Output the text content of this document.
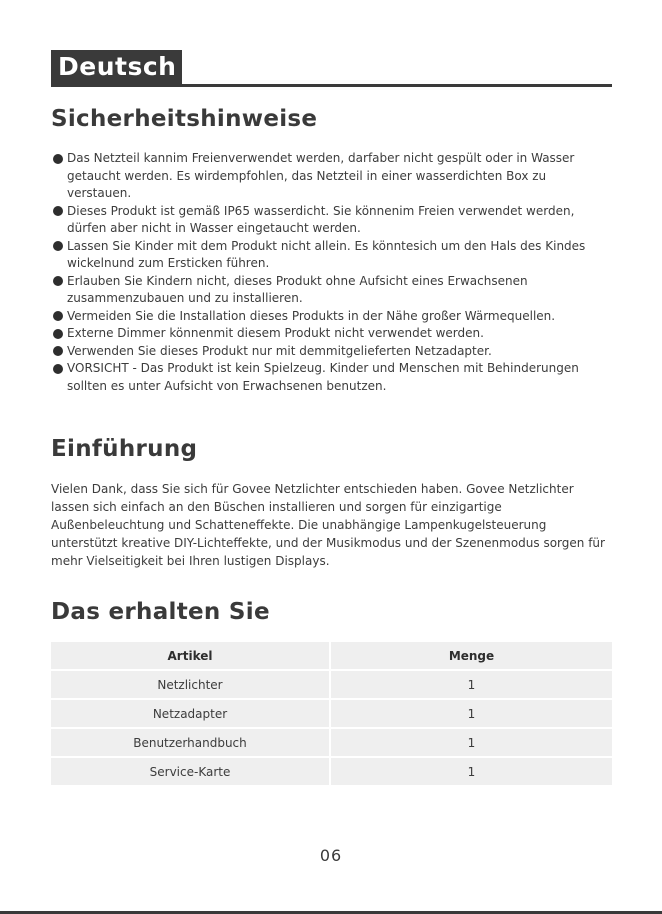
Deutsch
Sicherheitshinweise
Das Netzteil kannim Freienverwendet werden, darfaber nicht gespült oder in Wasser getaucht werden. Es wirdempfohlen, das Netzteil in einer wasserdichten Box zu verstauen.
Dieses Produkt ist gemäß IP65 wasserdicht. Sie könnenim Freien verwendet werden, dürfen aber nicht in Wasser eingetaucht werden.
Lassen Sie Kinder mit dem Produkt nicht allein. Es könntesich um den Hals des Kindes wickelnund zum Ersticken führen.
Erlauben Sie Kindern nicht, dieses Produkt ohne Aufsicht eines Erwachsenen zusammenzubauen und zu installieren.
Vermeiden Sie die Installation dieses Produkts in der Nähe großer Wärmequellen.
Externe Dimmer könnenmit diesem Produkt nicht verwendet werden.
Verwenden Sie dieses Produkt nur mit demmitgelieferten Netzadapter.
VORSICHT - Das Produkt ist kein Spielzeug. Kinder und Menschen mit Behinderungen sollten es unter Aufsicht von Erwachsenen benutzen.
Einführung

Vielen Dank, dass Sie sich für Govee Netzlichter entschieden haben. Govee Netzlichter lassen sich einfach an den Büschen installieren und sorgen für einzigartige Außenbeleuchtung und Schatteneffekte. Die unabhängige Lampenkugelsteuerung unterstützt kreative DIY-Lichteffekte, und der Musikmodus und der Szenenmodus sorgen für mehr Vielseitigkeit bei Ihren lustigen Displays.

Das erhalten Sie
Artikel	Menge
Netzlichter	1
Netzadapter	1
Benutzerhandbuch	1
Service-Karte	1
06
